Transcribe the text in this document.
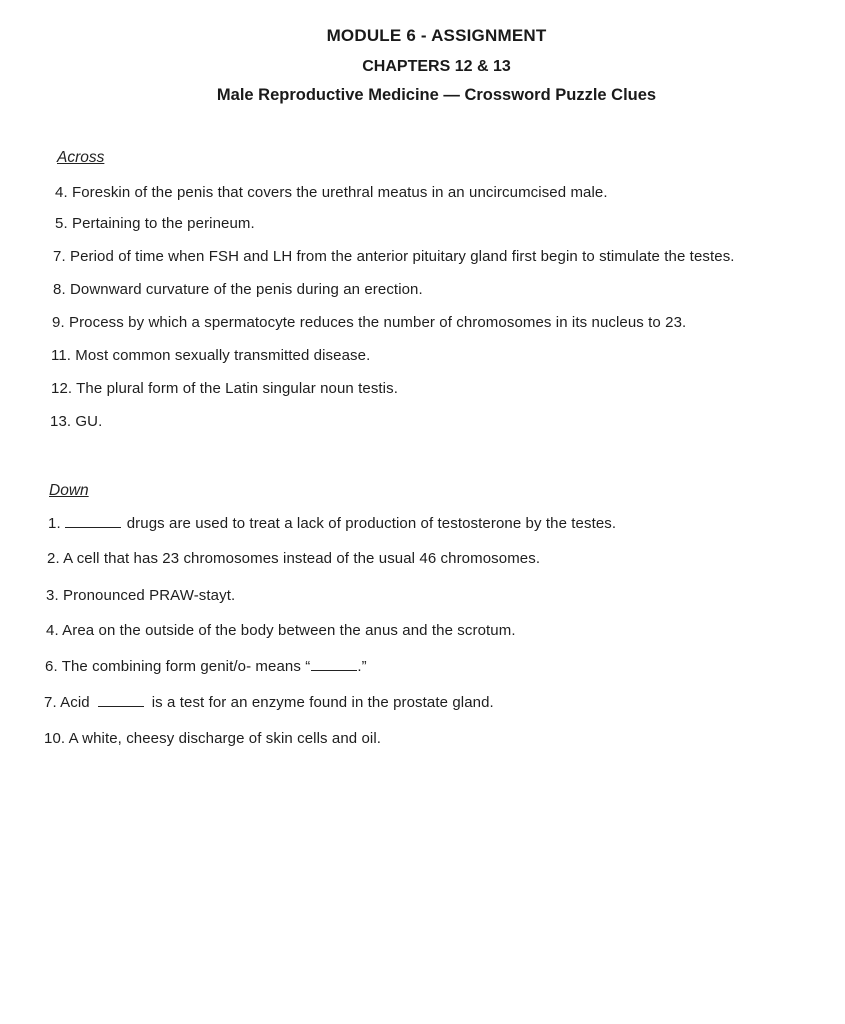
MODULE 6 - ASSIGNMENT
CHAPTERS 12 & 13
Male Reproductive Medicine — Crossword Puzzle Clues
Across
4. Foreskin of the penis that covers the urethral meatus in an uncircumcised male.
5. Pertaining to the perineum.
7. Period of time when FSH and LH from the anterior pituitary gland first begin to stimulate the testes.
8. Downward curvature of the penis during an erection.
9. Process by which a spermatocyte reduces the number of chromosomes in its nucleus to 23.
11. Most common sexually transmitted disease.
12. The plural form of the Latin singular noun testis.
13. GU.
Down
1.	drugs are used to treat a lack of production of testosterone by the testes.
2. A cell that has 23 chromosomes instead of the usual 46 chromosomes.
3. Pronounced PRAW-stayt.
4. Area on the outside of the body between the anus and the scrotum.
6. The combining form genit/o- means “	.”
7. Acid	is a test for an enzyme found in the prostate gland.
10. A white, cheesy discharge of skin cells and oil.
